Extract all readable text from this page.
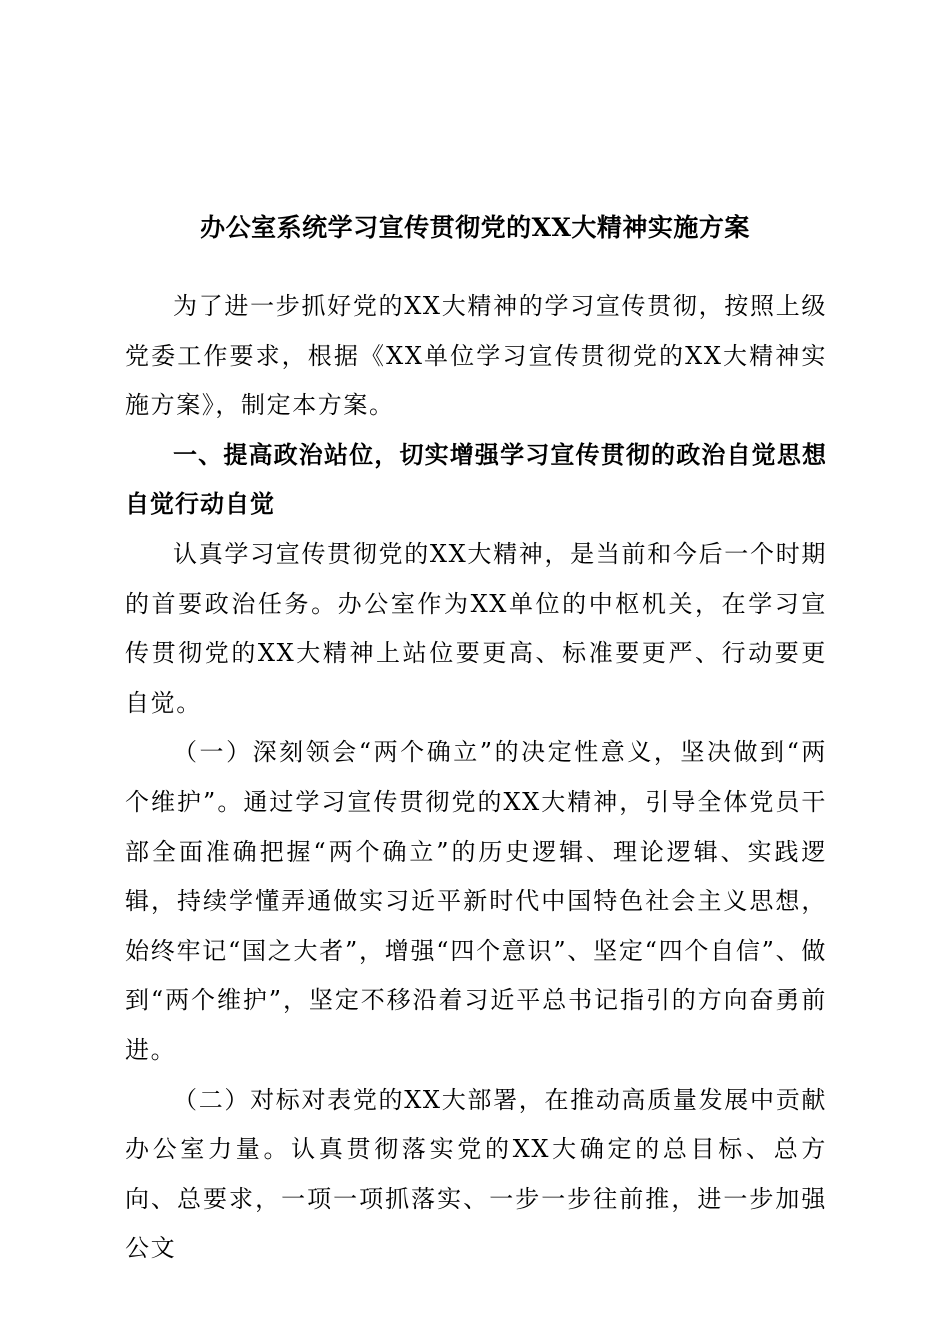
办公室系统学习宣传贯彻党的XX大精神实施方案

为了进一步抓好党的XX大精神的学习宣传贯彻，按照上级党委工作要求，根据《XX单位学习宣传贯彻党的XX大精神实施方案》，制定本方案。

一、提高政治站位，切实增强学习宣传贯彻的政治自觉思想自觉行动自觉

认真学习宣传贯彻党的XX大精神，是当前和今后一个时期的首要政治任务。办公室作为XX单位的中枢机关，在学习宣传贯彻党的XX大精神上站位要更高、标准要更严、行动要更自觉。

（一）深刻领会“两个确立”的决定性意义，坚决做到“两个维护”。通过学习宣传贯彻党的XX大精神，引导全体党员干部全面准确把握“两个确立”的历史逻辑、理论逻辑、实践逻辑，持续学懂弄通做实习近平新时代中国特色社会主义思想，始终牢记“国之大者”，增强“四个意识”、坚定“四个自信”、做到“两个维护”，坚定不移沿着习近平总书记指引的方向奋勇前进。

（二）对标对表党的XX大部署，在推动高质量发展中贡献办公室力量。认真贯彻落实党的XX大确定的总目标、总方向、总要求，一项一项抓落实、一步一步往前推，进一步加强公文
